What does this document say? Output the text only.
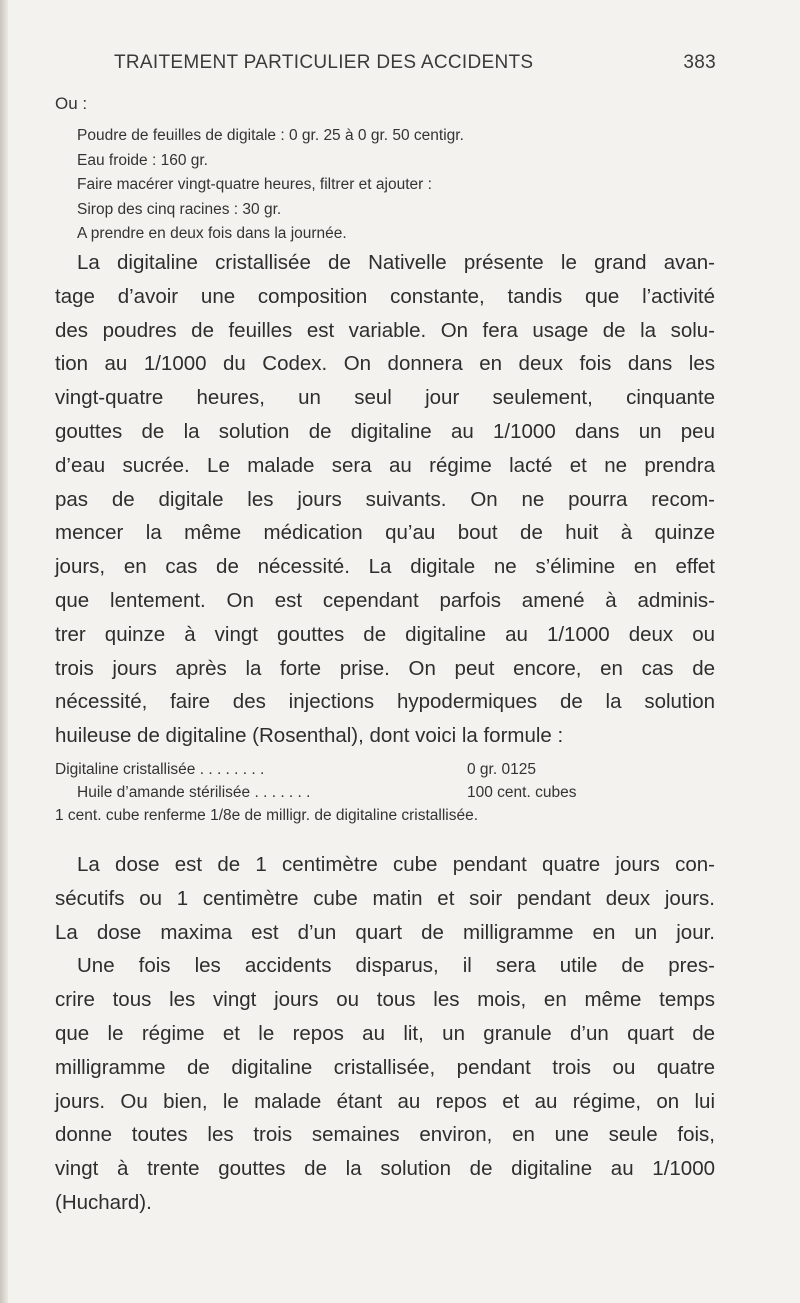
TRAITEMENT PARTICULIER DES ACCIDENTS	383
Ou :
Poudre de feuilles de digitale : 0 gr. 25 à 0 gr. 50 centigr.
Eau froide : 160 gr.
Faire macérer vingt-quatre heures, filtrer et ajouter :
Sirop des cinq racines : 30 gr.
A prendre en deux fois dans la journée.
La digitaline cristallisée de Nativelle présente le grand avan-
tage d’avoir une composition constante, tandis que l’activité
des poudres de feuilles est variable. On fera usage de la solu-
tion au 1/1000 du Codex. On donnera en deux fois dans les
vingt-quatre heures, un seul jour seulement, cinquante
gouttes de la solution de digitaline au 1/1000 dans un peu
d’eau sucrée. Le malade sera au régime lacté et ne prendra
pas de digitale les jours suivants. On ne pourra recom-
mencer la même médication qu’au bout de huit à quinze
jours, en cas de nécessité. La digitale ne s’élimine en effet
que lentement. On est cependant parfois amené à adminis-
trer quinze à vingt gouttes de digitaline au 1/1000 deux ou
trois jours après la forte prise. On peut encore, en cas de
nécessité, faire des injections hypodermiques de la solution
huileuse de digitaline (Rosenthal), dont voici la formule :
Digitaline cristallisée . . . . . . . .	0 gr. 0125
Huile d’amande stérilisée . . . . . . .	100 cent. cubes
1 cent. cube renferme 1/8e de milligr. de digitaline cristallisée.
La dose est de 1 centimètre cube pendant quatre jours con-
sécutifs ou 1 centimètre cube matin et soir pendant deux jours.
La dose maxima est d’un quart de milligramme en un jour.
Une fois les accidents disparus, il sera utile de pres-
crire tous les vingt jours ou tous les mois, en même temps
que le régime et le repos au lit, un granule d’un quart de
milligramme de digitaline cristallisée, pendant trois ou quatre
jours. Ou bien, le malade étant au repos et au régime, on lui
donne toutes les trois semaines environ, en une seule fois,
vingt à trente gouttes de la solution de digitaline au 1/1000
(Huchard).
